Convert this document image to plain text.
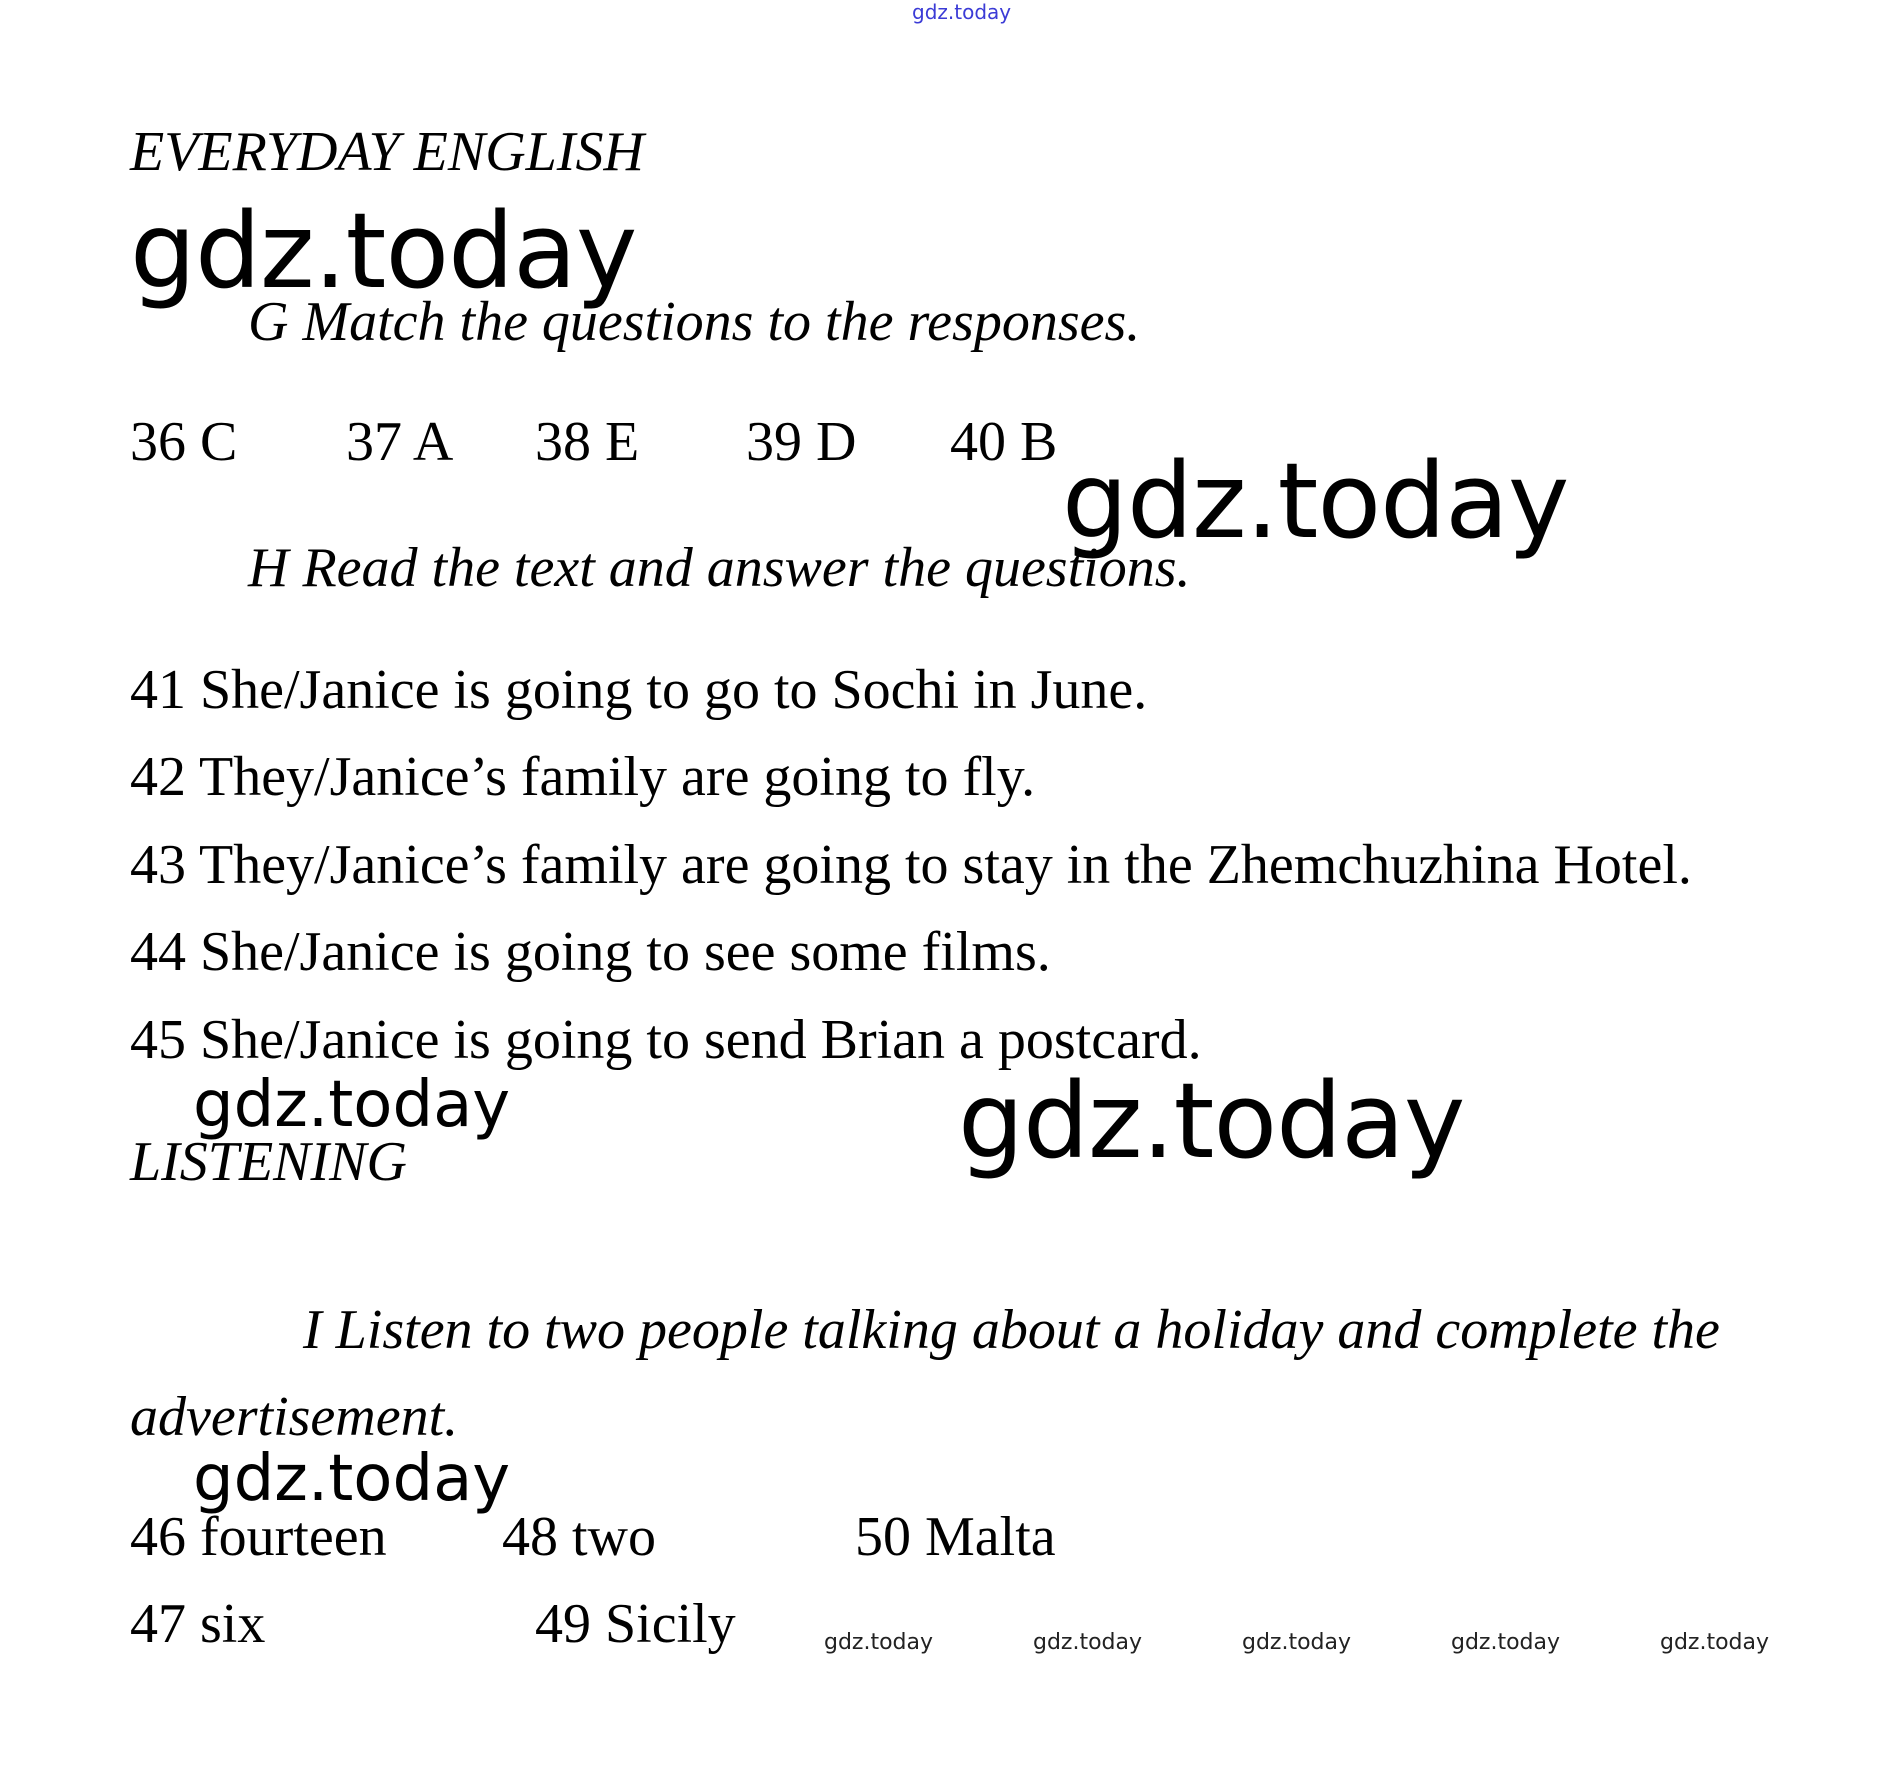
gdz.today
EVERYDAY ENGLISH
gdz.today
G Match the questions to the responses.
36 C 37 A 38 E 39 D 40 B gdz.today
H Read the text and answer the questions.
41 She/Janice is going to go to Sochi in June.
42 They/Janice’s family are going to fly.
43 They/Janice’s family are going to stay in the Zhemchuzhina Hotel.
44 She/Janice is going to see some films.
45 She/Janice is going to send Brian a postcard.
gdz.today	gdz.today
LISTENING
I Listen to two people talking about a holiday and complete the
advertisement.
gdz.today
46 fourteen 48 two	50 Malta
47 six	49 Sicily	gdz.today	gdz.today	gdz.today	gdz.today	gdz.today
